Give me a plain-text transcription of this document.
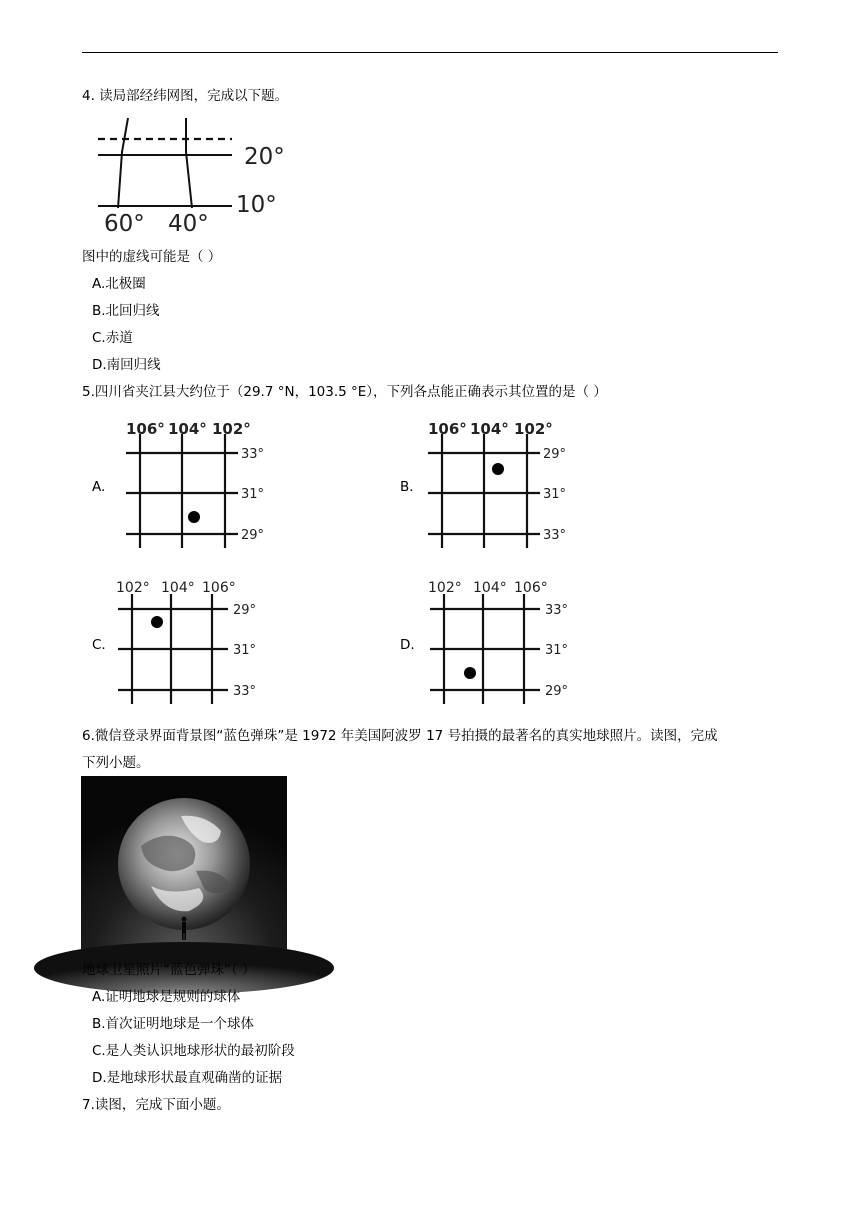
4. 读局部经纬网图，完成以下题。
20°
10°
60° 40°
图中的虚线可能是（ ）
A.北极圈
B.北回归线
C.赤道
D.南回归线
5.四川省夹江县大约位于（29.7 °N，103.5 °E），下列各点能正确表示其位置的是（ ）
A.
106° 104° 102°
33°
31°
29°
B.
106° 104° 102°
29°
31°
33°
C.
102° 104° 106°
29°
31°
33°
D.
102° 104° 106°
33°
31°
29°
6.微信登录界面背景图“蓝色弹珠”是 1972 年美国阿波罗 17 号拍摄的最著名的真实地球照片。读图，完成
下列小题。
地球卫星照片“蓝色弹珠”（ ）
A.证明地球是规则的球体
B.首次证明地球是一个球体
C.是人类认识地球形状的最初阶段
D.是地球形状最直观确凿的证据
7.读图，完成下面小题。
